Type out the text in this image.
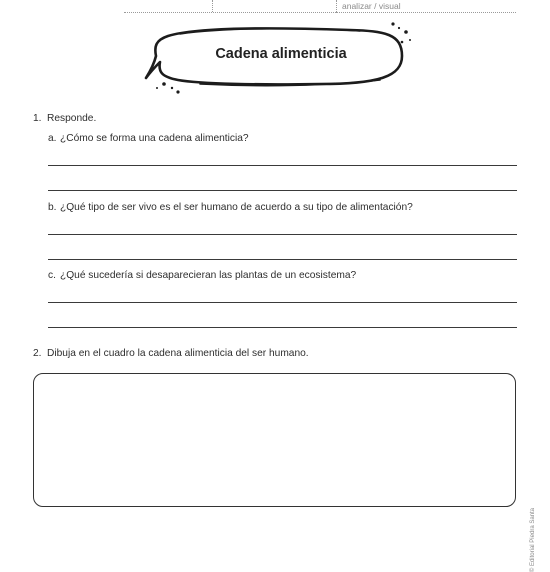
analizar / visual
Cadena alimenticia
1. Responde.
a. ¿Cómo se forma una cadena alimenticia?
b. ¿Qué tipo de ser vivo es el ser humano de acuerdo a su tipo de alimentación?
c. ¿Qué sucedería si desaparecieran las plantas de un ecosistema?
2. Dibuja en el cuadro la cadena alimenticia del ser humano.
© Editorial Piedra Santa
